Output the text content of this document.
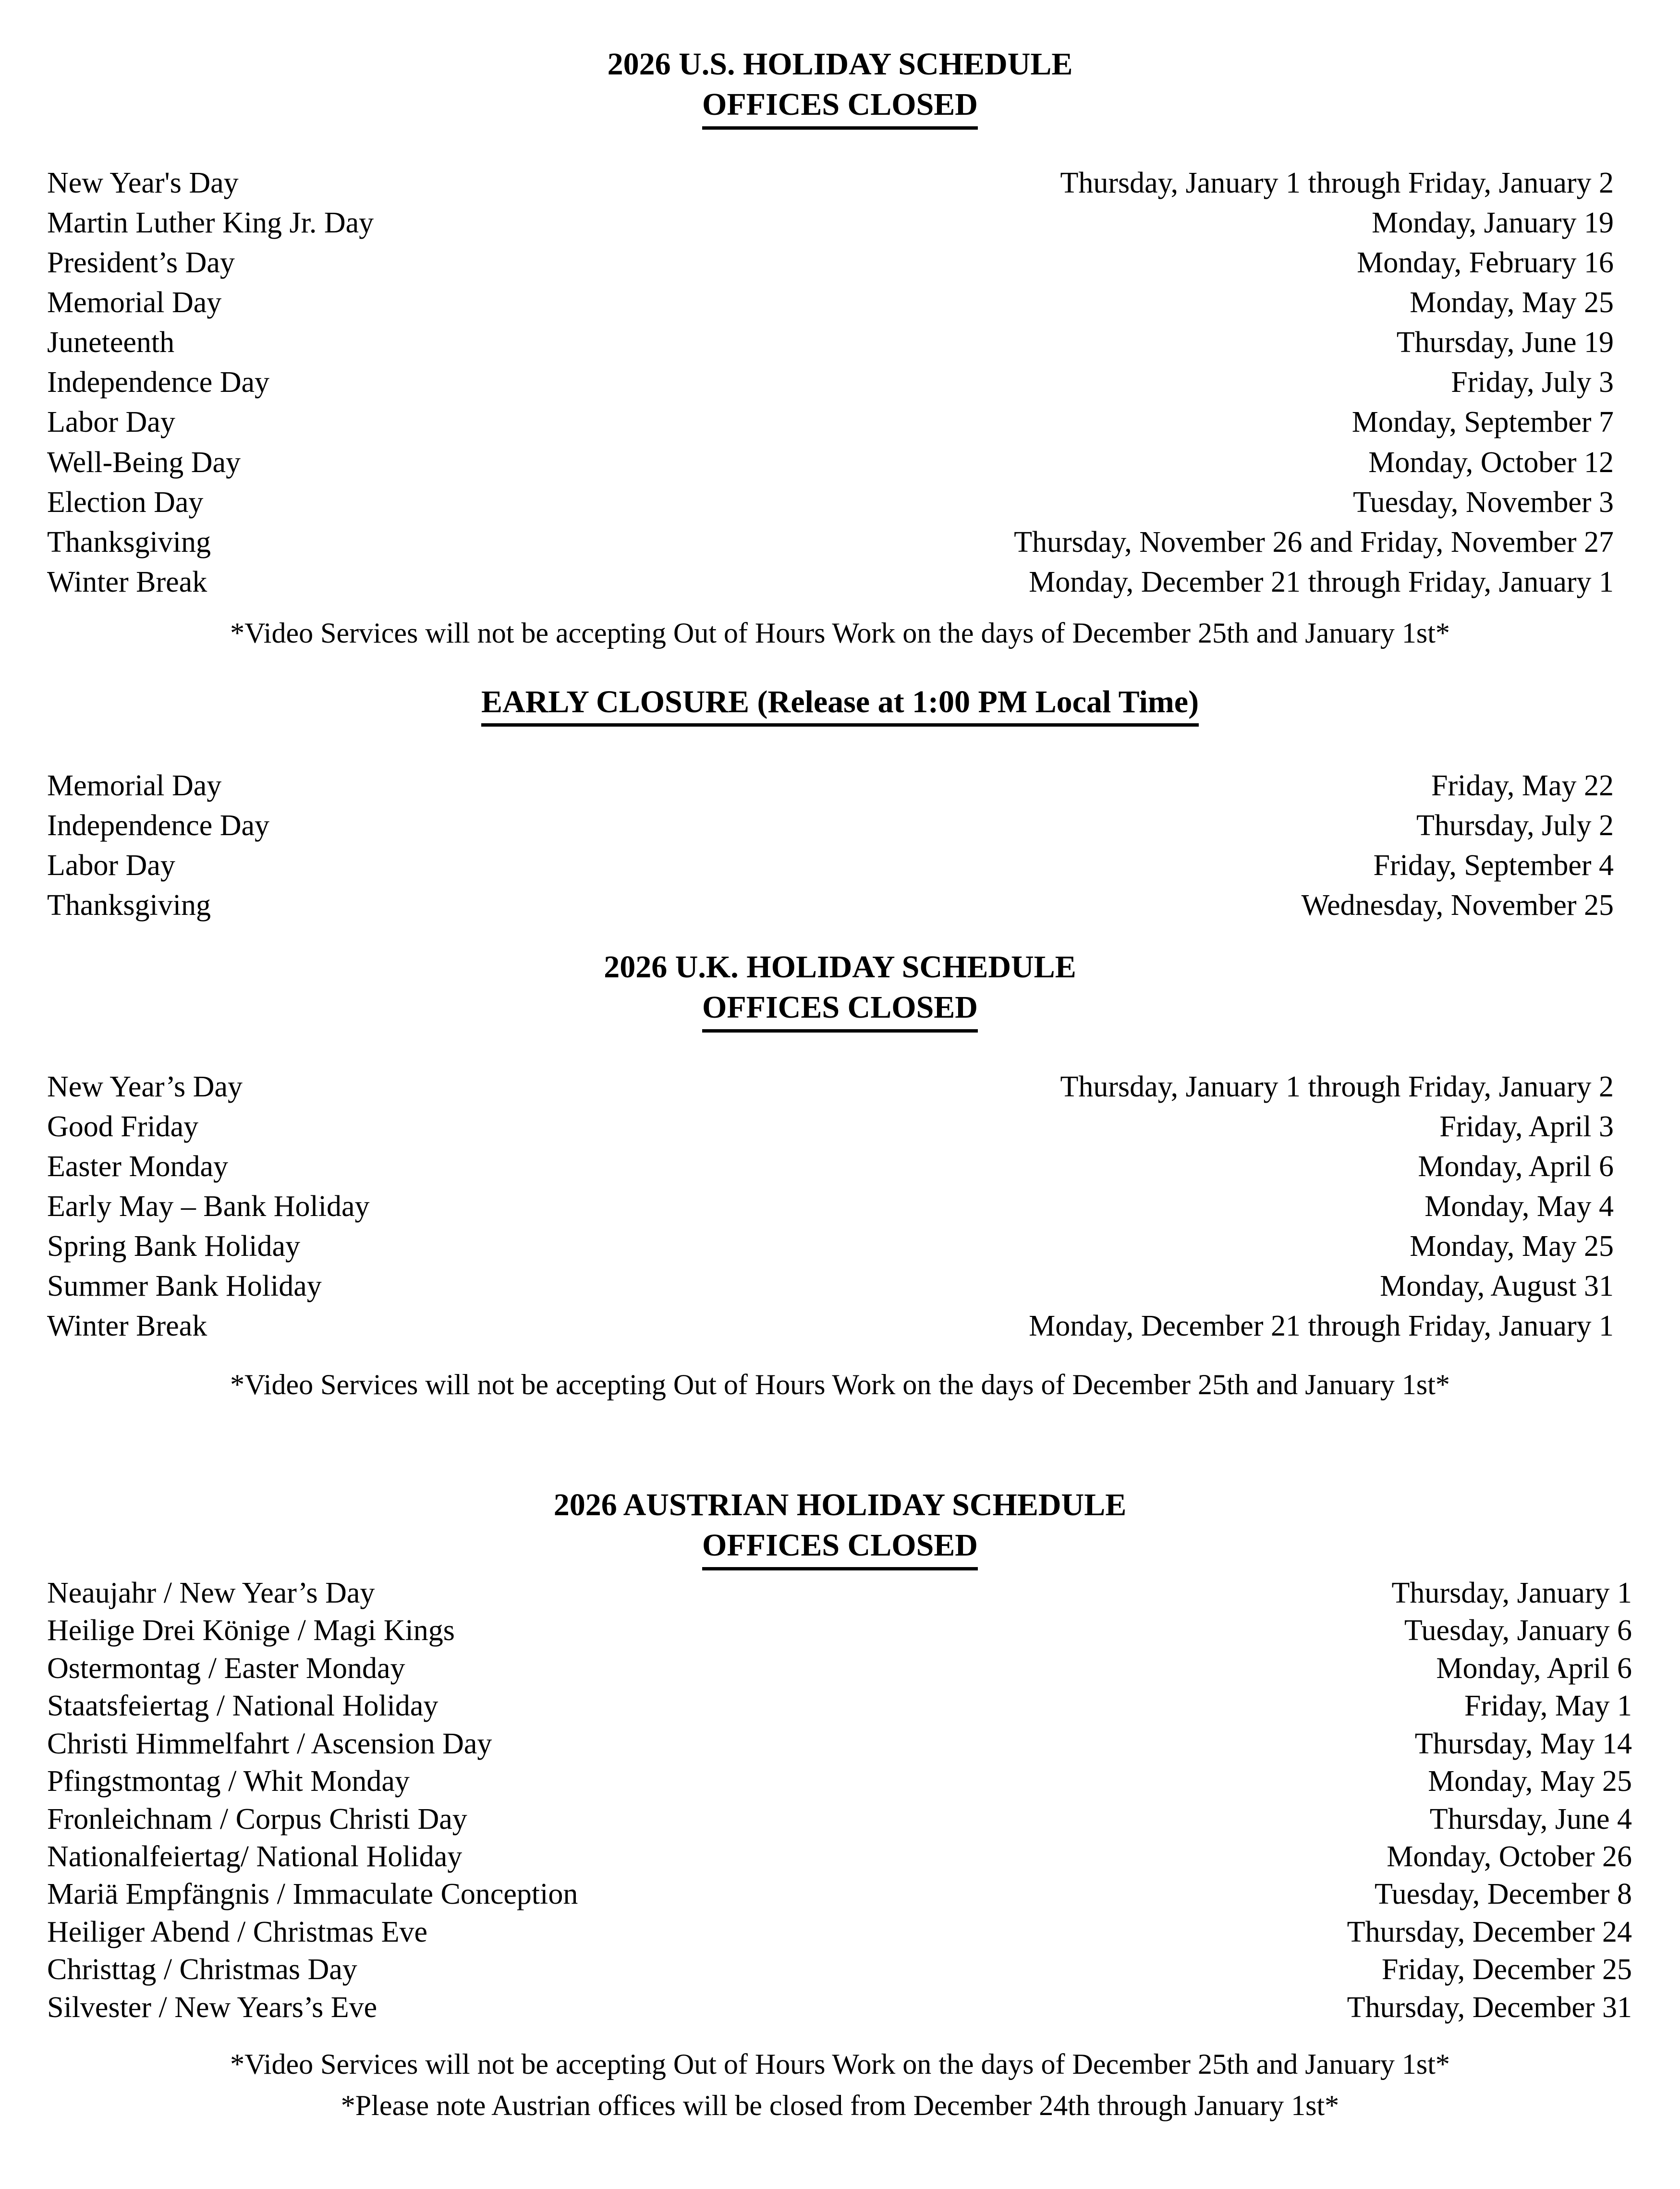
2026 U.S. HOLIDAY SCHEDULE
OFFICES CLOSED
New Year's Day	Thursday, January 1 through Friday, January 2
Martin Luther King Jr. Day	Monday, January 19
President’s Day	Monday, February 16
Memorial Day	Monday, May 25
Juneteenth	Thursday, June 19
Independence Day	Friday, July 3
Labor Day	Monday, September 7
Well-Being Day	Monday, October 12
Election Day	Tuesday, November 3
Thanksgiving	Thursday, November 26 and Friday, November 27
Winter Break	Monday, December 21 through Friday, January 1
*Video Services will not be accepting Out of Hours Work on the days of December 25th and January 1st*
EARLY CLOSURE (Release at 1:00 PM Local Time)
Memorial Day	Friday, May 22
Independence Day	Thursday, July 2
Labor Day	Friday, September 4
Thanksgiving	Wednesday, November 25
2026 U.K. HOLIDAY SCHEDULE
OFFICES CLOSED
New Year’s Day	Thursday, January 1 through Friday, January 2
Good Friday	Friday, April 3
Easter Monday	Monday, April 6
Early May – Bank Holiday	Monday, May 4
Spring Bank Holiday	Monday, May 25
Summer Bank Holiday	Monday, August 31
Winter Break	Monday, December 21 through Friday, January 1
*Video Services will not be accepting Out of Hours Work on the days of December 25th and January 1st*
2026 AUSTRIAN HOLIDAY SCHEDULE
OFFICES CLOSED
Neaujahr / New Year’s Day	Thursday, January 1
Heilige Drei Könige / Magi Kings	Tuesday, January 6
Ostermontag / Easter Monday	Monday, April 6
Staatsfeiertag / National Holiday	Friday, May 1
Christi Himmelfahrt / Ascension Day	Thursday, May 14
Pfingstmontag / Whit Monday	Monday, May 25
Fronleichnam / Corpus Christi Day	Thursday, June 4
Nationalfeiertag/ National Holiday	Monday, October 26
Mariä Empfängnis / Immaculate Conception	Tuesday, December 8
Heiliger Abend / Christmas Eve	Thursday, December 24
Christtag / Christmas Day	Friday, December 25
Silvester / New Years’s Eve	Thursday, December 31
*Video Services will not be accepting Out of Hours Work on the days of December 25th and January 1st*
*Please note Austrian offices will be closed from December 24th through January 1st*
